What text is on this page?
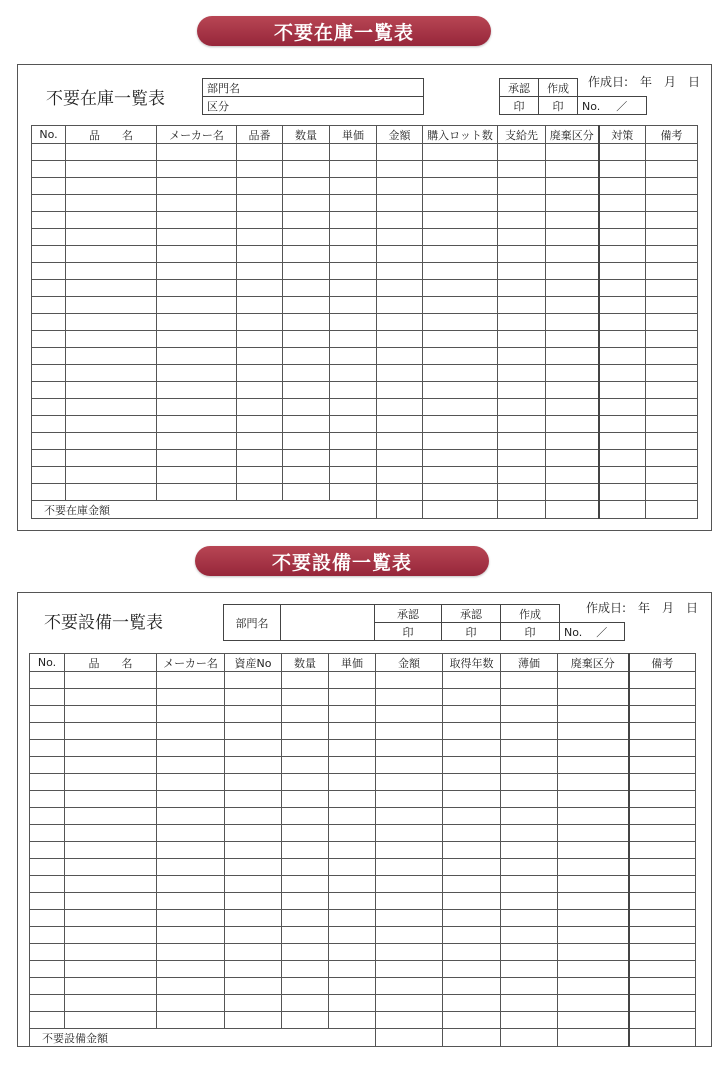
不要在庫一覧表
不要在庫一覧表
部門名
区分
承認	作成	
印	印	No. ／
作成日:　年　月　日
No.	品　　名	メーカー名	品番	数量	単価	金額	購入ロット数	支給先	廃棄区分	対策	備考

不要在庫金額											
不要設備一覧表
不要設備一覧表	部門名		承認	承認	作成	
		印	印	印	No. ／
作成日:　年　月　日
No.	品　　名	メーカー名	資産No	数量	単価	金額	取得年数	薄価	廃棄区分	備考

不要設備金額										
